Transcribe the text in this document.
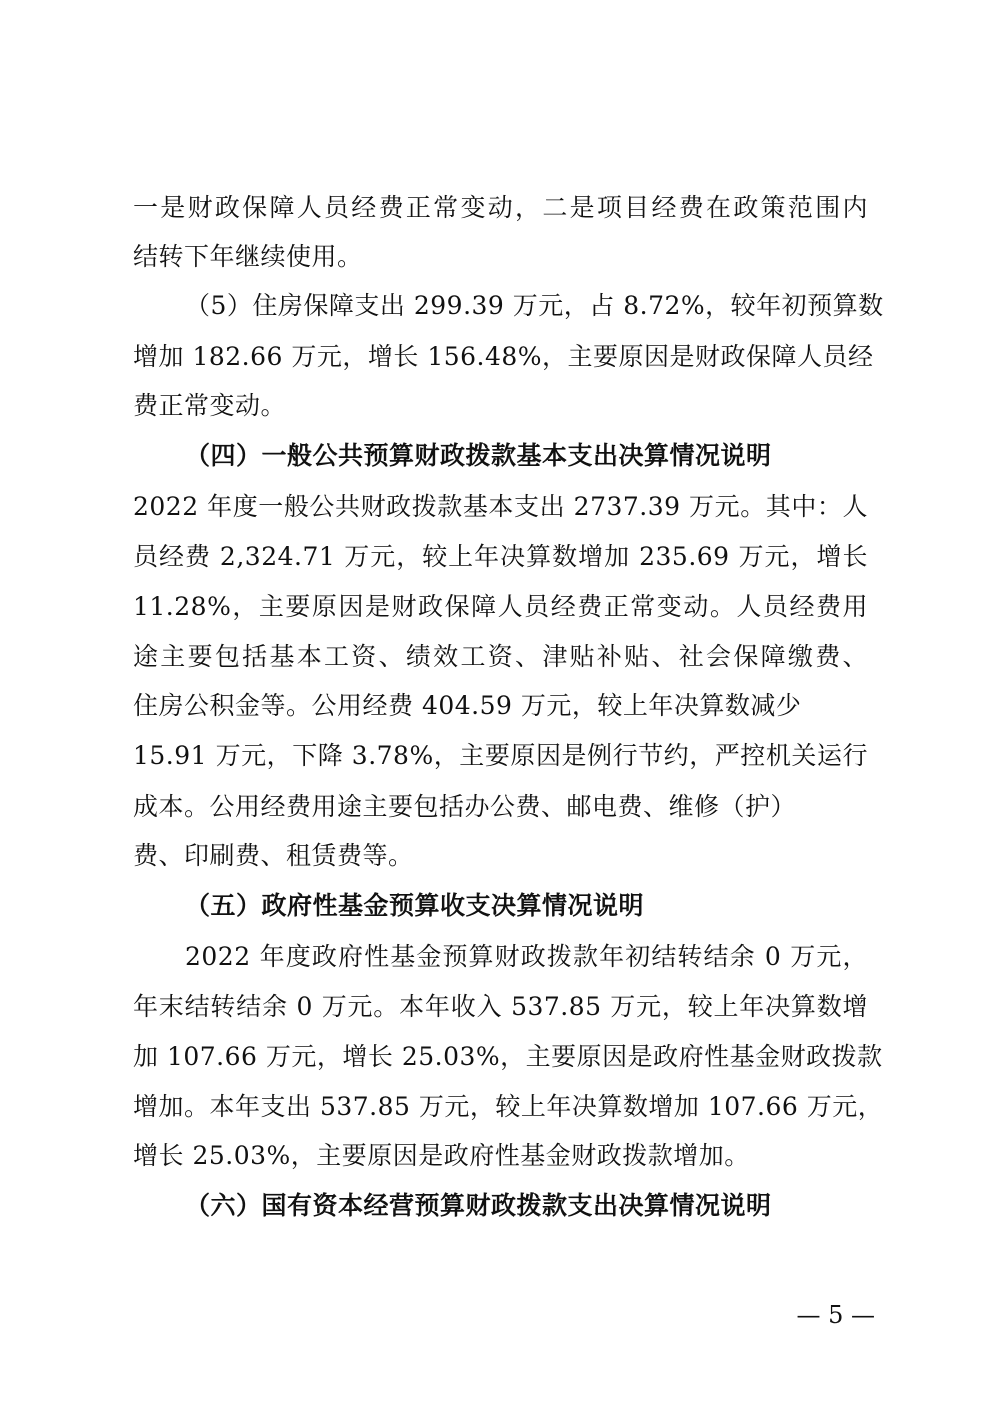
一是财政保障人员经费正常变动，二是项目经费在政策范围内
结转下年继续使用。
（5）住房保障支出 299.39 万元，占 8.72%，较年初预算数
增加 182.66 万元，增长 156.48%，主要原因是财政保障人员经
费正常变动。
（四）一般公共预算财政拨款基本支出决算情况说明
2022 年度一般公共财政拨款基本支出 2737.39 万元。其中：人
员经费 2,324.71 万元，较上年决算数增加 235.69 万元，增长
11.28%，主要原因是财政保障人员经费正常变动。人员经费用
途主要包括基本工资、绩效工资、津贴补贴、社会保障缴费、
住房公积金等。公用经费 404.59 万元，较上年决算数减少
15.91 万元，下降 3.78%，主要原因是例行节约，严控机关运行
成本。公用经费用途主要包括办公费、邮电费、维修（护）
费、印刷费、租赁费等。
（五）政府性基金预算收支决算情况说明
2022 年度政府性基金预算财政拨款年初结转结余 0 万元，
年末结转结余 0 万元。本年收入 537.85 万元，较上年决算数增
加 107.66 万元，增长 25.03%，主要原因是政府性基金财政拨款
增加。本年支出 537.85 万元，较上年决算数增加 107.66 万元，
增长 25.03%，主要原因是政府性基金财政拨款增加。
（六）国有资本经营预算财政拨款支出决算情况说明
— 5 —
